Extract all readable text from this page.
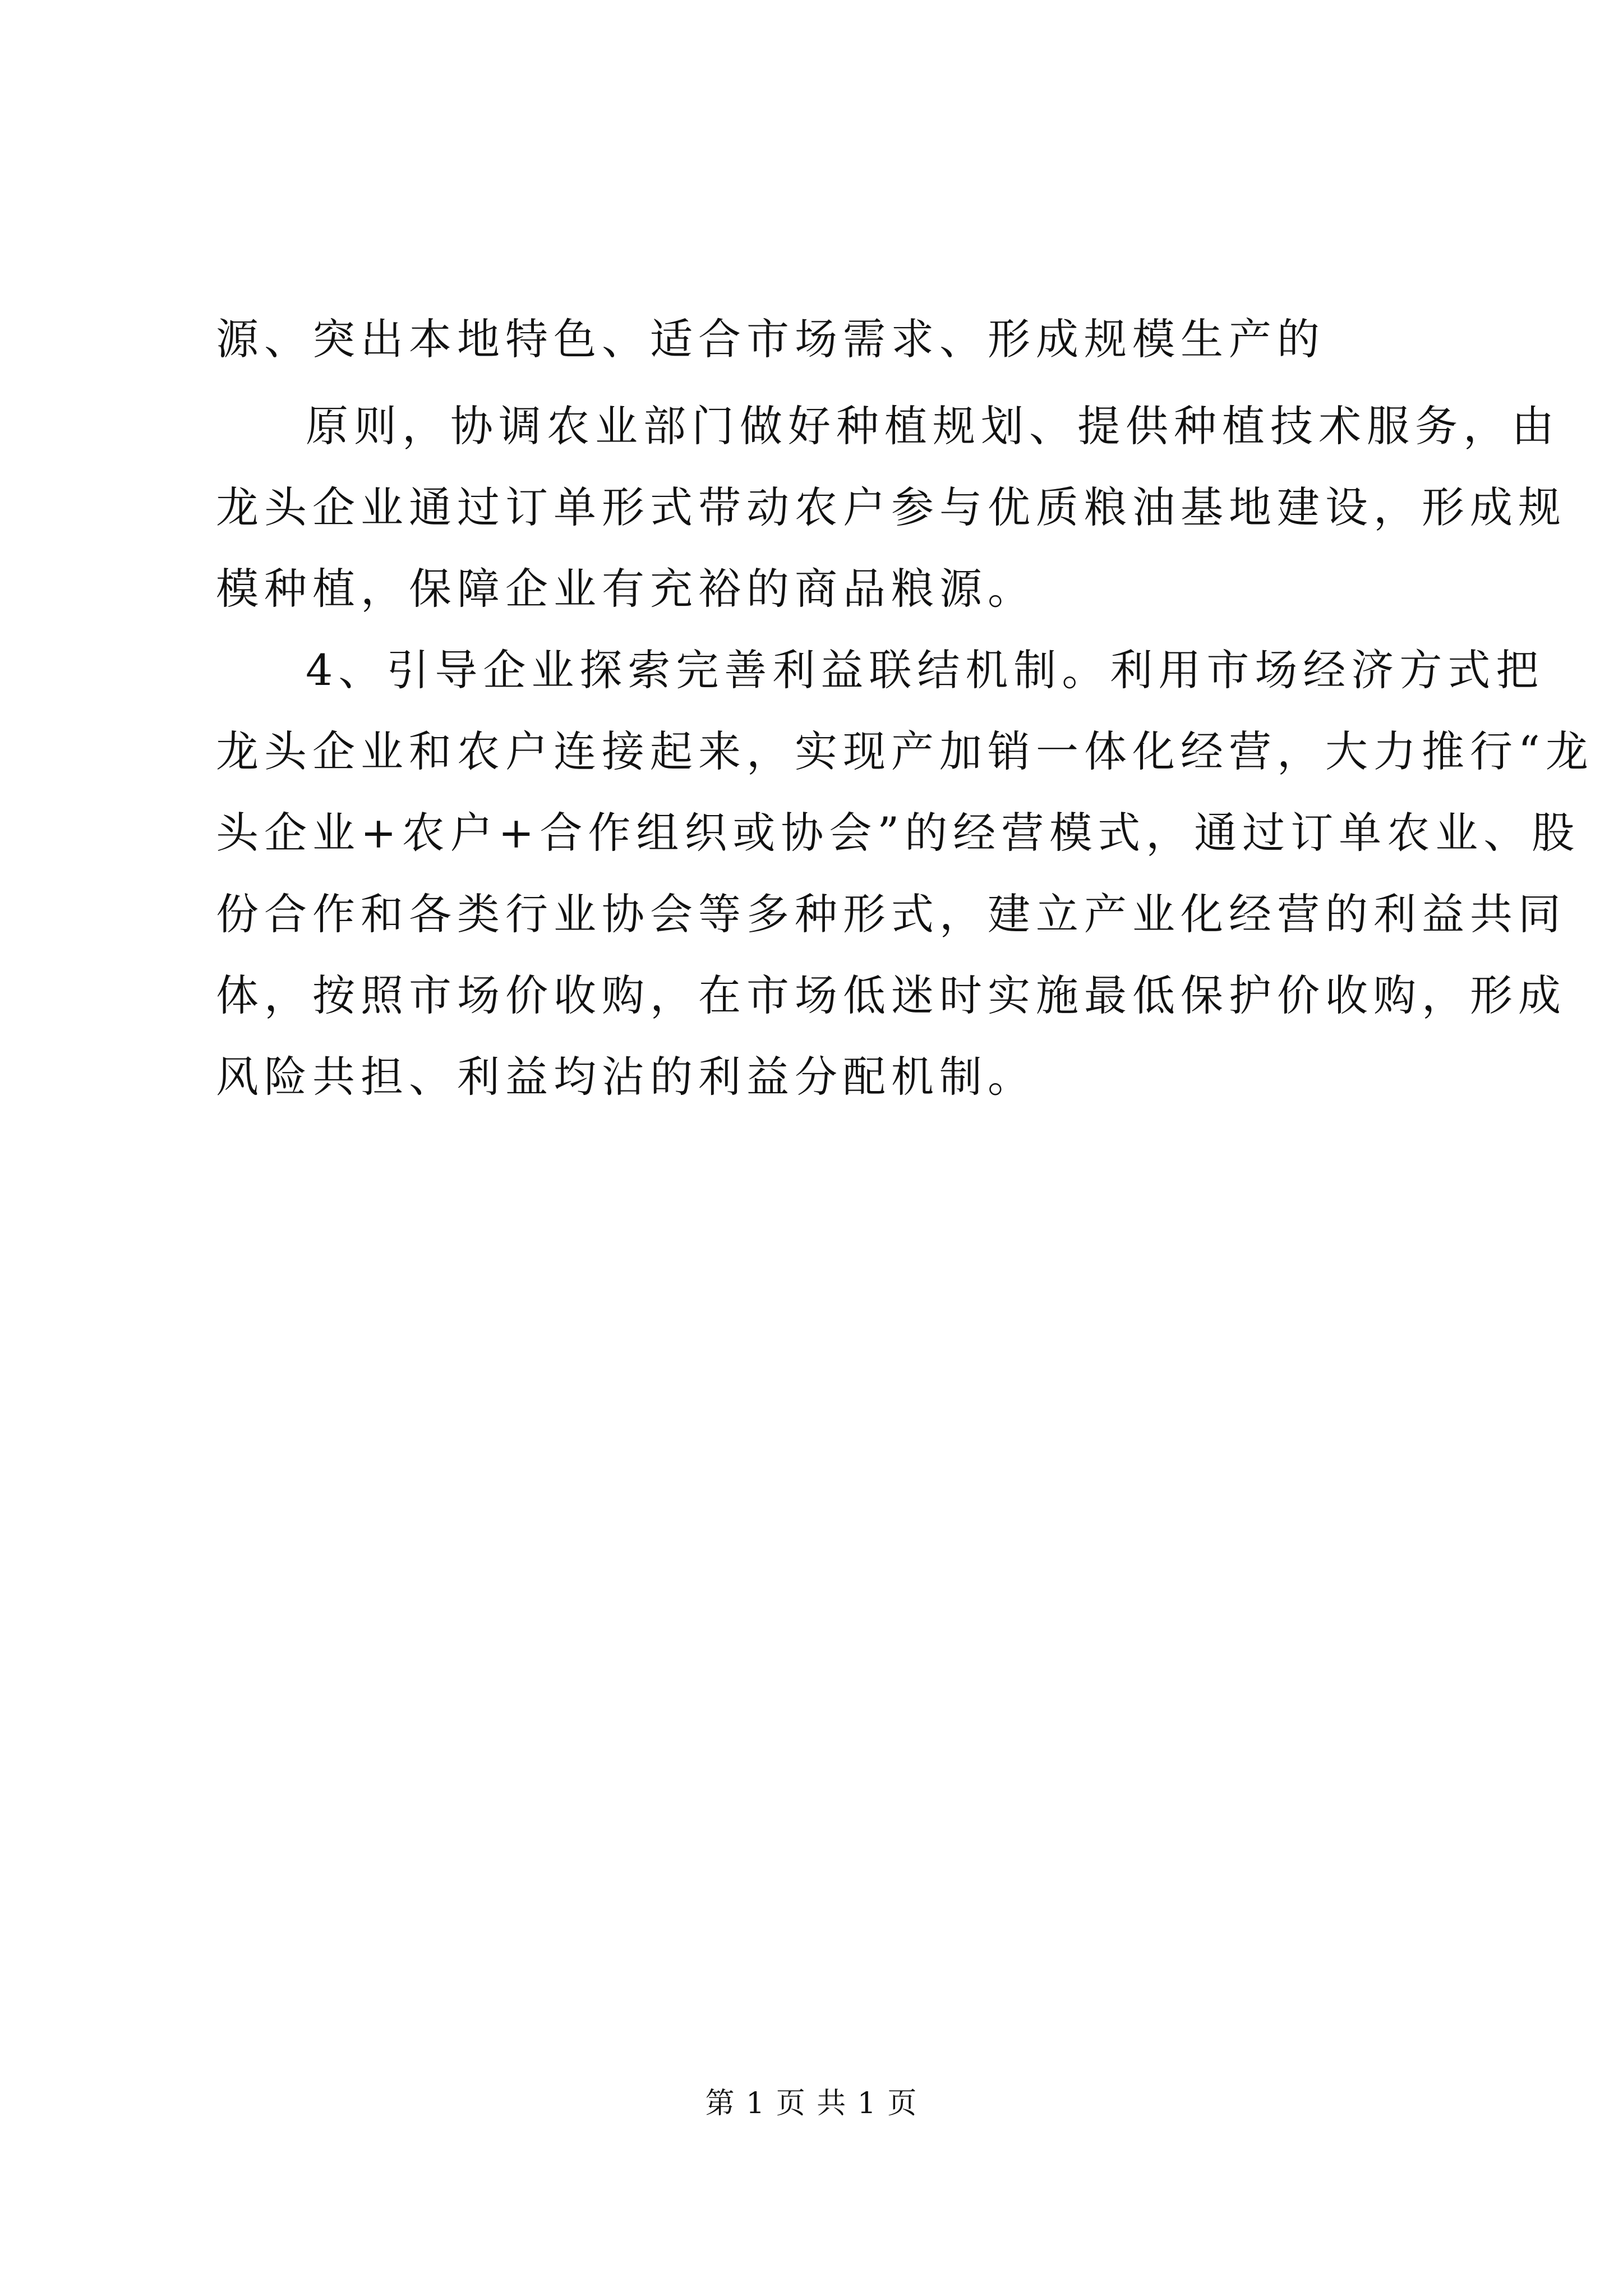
源、突出本地特色、适合市场需求、形成规模生产的
原则，协调农业部门做好种植规划、提供种植技术服务，由
龙头企业通过订单形式带动农户参与优质粮油基地建设，形成规
模种植，保障企业有充裕的商品粮源。
4、引导企业探索完善利益联结机制。利用市场经济方式把
龙头企业和农户连接起来，实现产加销一体化经营，大力推行“龙
头企业+农户+合作组织或协会”的经营模式，通过订单农业、股
份合作和各类行业协会等多种形式，建立产业化经营的利益共同
体，按照市场价收购，在市场低迷时实施最低保护价收购，形成
风险共担、利益均沾的利益分配机制。
第 1 页 共 1 页
